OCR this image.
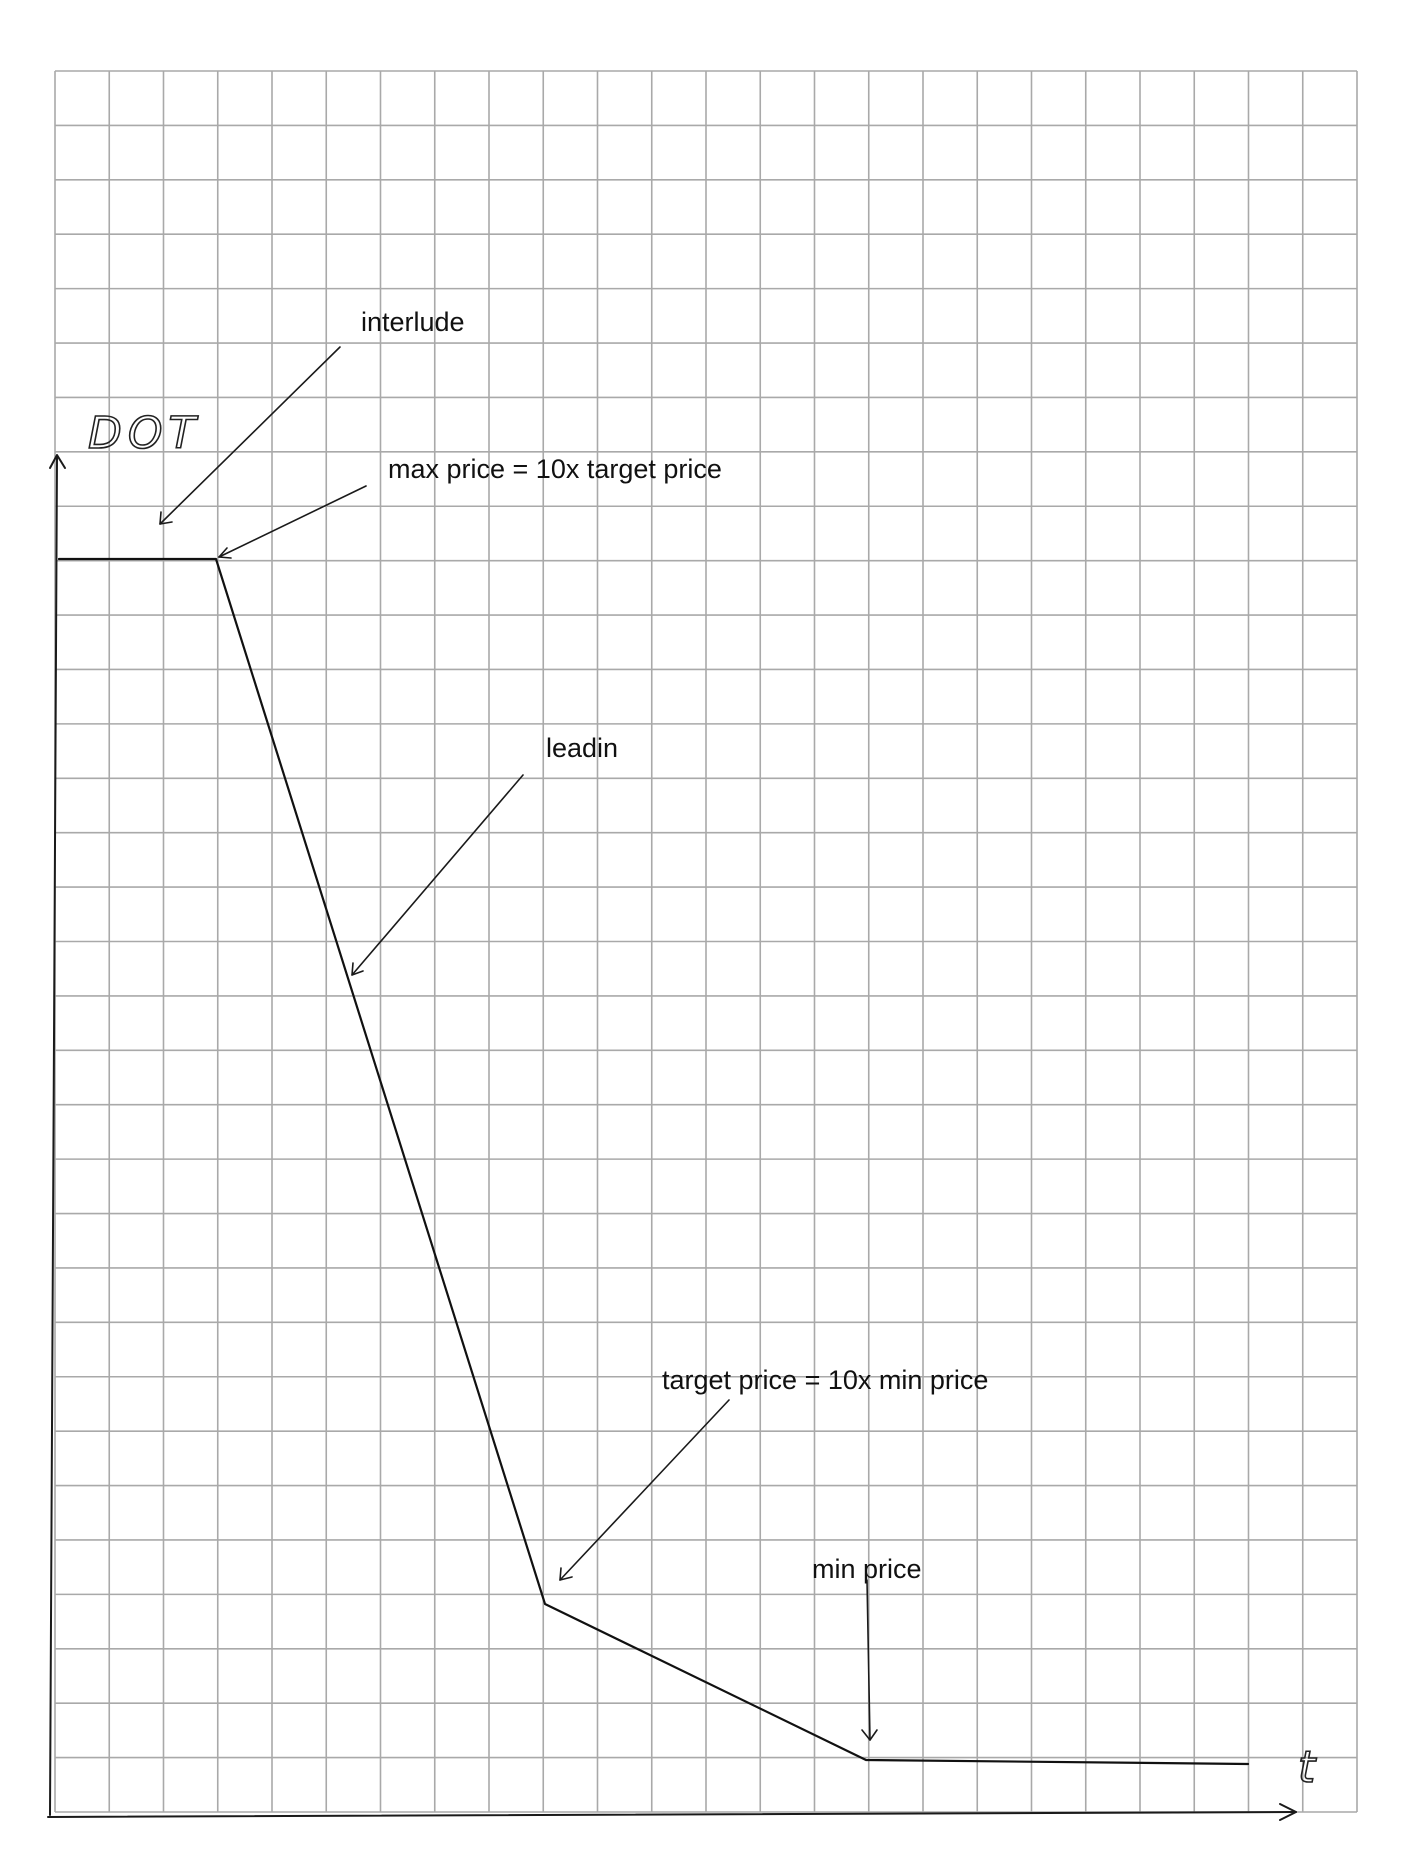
DOT
t
interlude
max price = 10x target price
leadin
target price = 10x min price
min price
